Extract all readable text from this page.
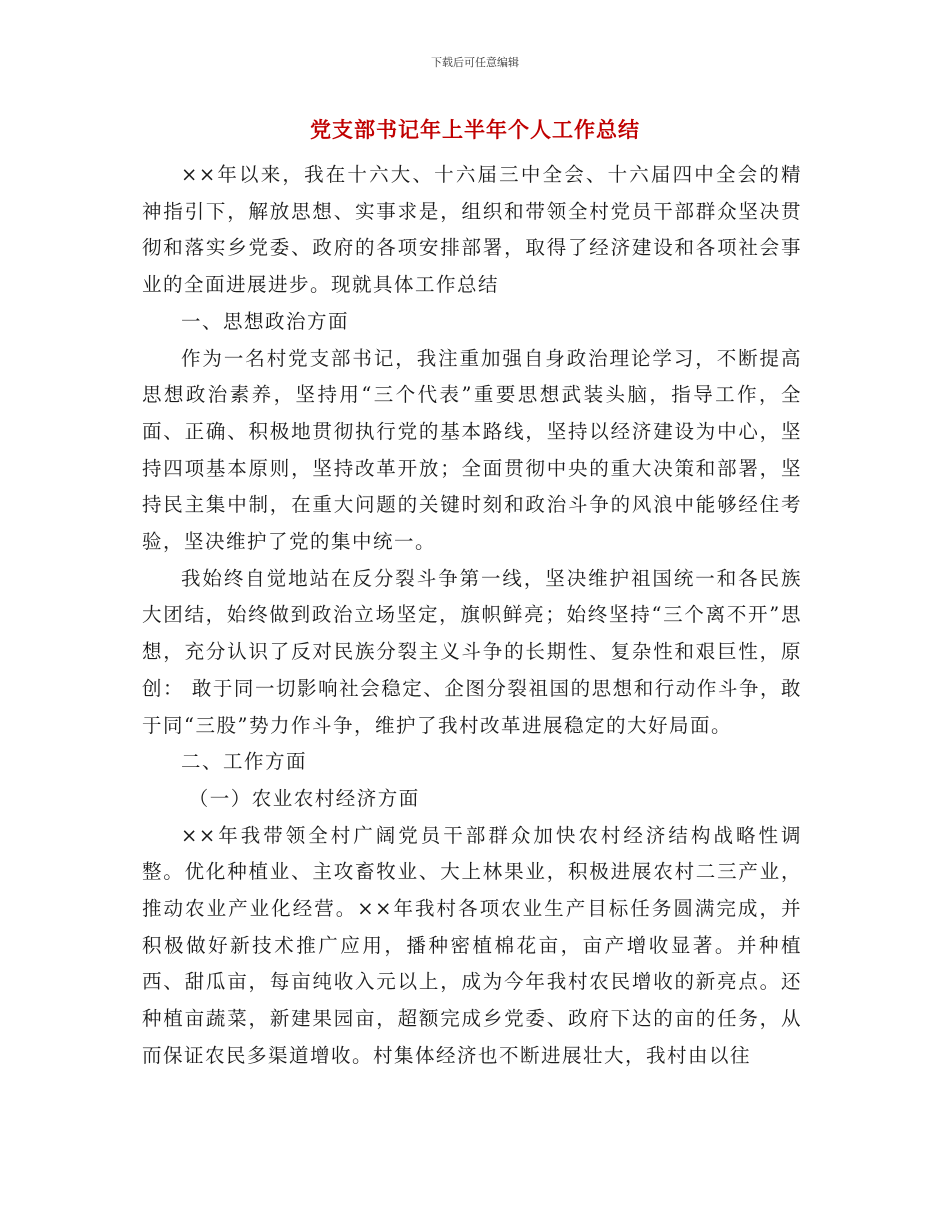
下载后可任意编辑
党支部书记年上半年个人工作总结

××年以来，我在十六大、十六届三中全会、十六届四中全会的精神指引下，解放思想、实事求是，组织和带领全村党员干部群众坚决贯彻和落实乡党委、政府的各项安排部署，取得了经济建设和各项社会事业的全面进展进步。现就具体工作总结

一、思想政治方面

作为一名村党支部书记，我注重加强自身政治理论学习，不断提高思想政治素养，坚持用“三个代表”重要思想武装头脑，指导工作，全面、正确、积极地贯彻执行党的基本路线，坚持以经济建设为中心，坚持四项基本原则，坚持改革开放；全面贯彻中央的重大决策和部署，坚持民主集中制，在重大问题的关键时刻和政治斗争的风浪中能够经住考验，坚决维护了党的集中统一。

我始终自觉地站在反分裂斗争第一线，坚决维护祖国统一和各民族大团结，始终做到政治立场坚定，旗帜鲜亮；始终坚持“三个离不开”思想，充分认识了反对民族分裂主义斗争的长期性、复杂性和艰巨性，原创： 敢于同一切影响社会稳定、企图分裂祖国的思想和行动作斗争，敢于同“三股”势力作斗争，维护了我村改革进展稳定的大好局面。

二、工作方面

（一）农业农村经济方面

××年我带领全村广阔党员干部群众加快农村经济结构战略性调整。优化种植业、主攻畜牧业、大上林果业，积极进展农村二三产业，推动农业产业化经营。××年我村各项农业生产目标任务圆满完成，并积极做好新技术推广应用，播种密植棉花亩，亩产增收显著。并种植西、甜瓜亩，每亩纯收入元以上，成为今年我村农民增收的新亮点。还种植亩蔬菜，新建果园亩，超额完成乡党委、政府下达的亩的任务，从而保证农民多渠道增收。村集体经济也不断进展壮大，我村由以往
